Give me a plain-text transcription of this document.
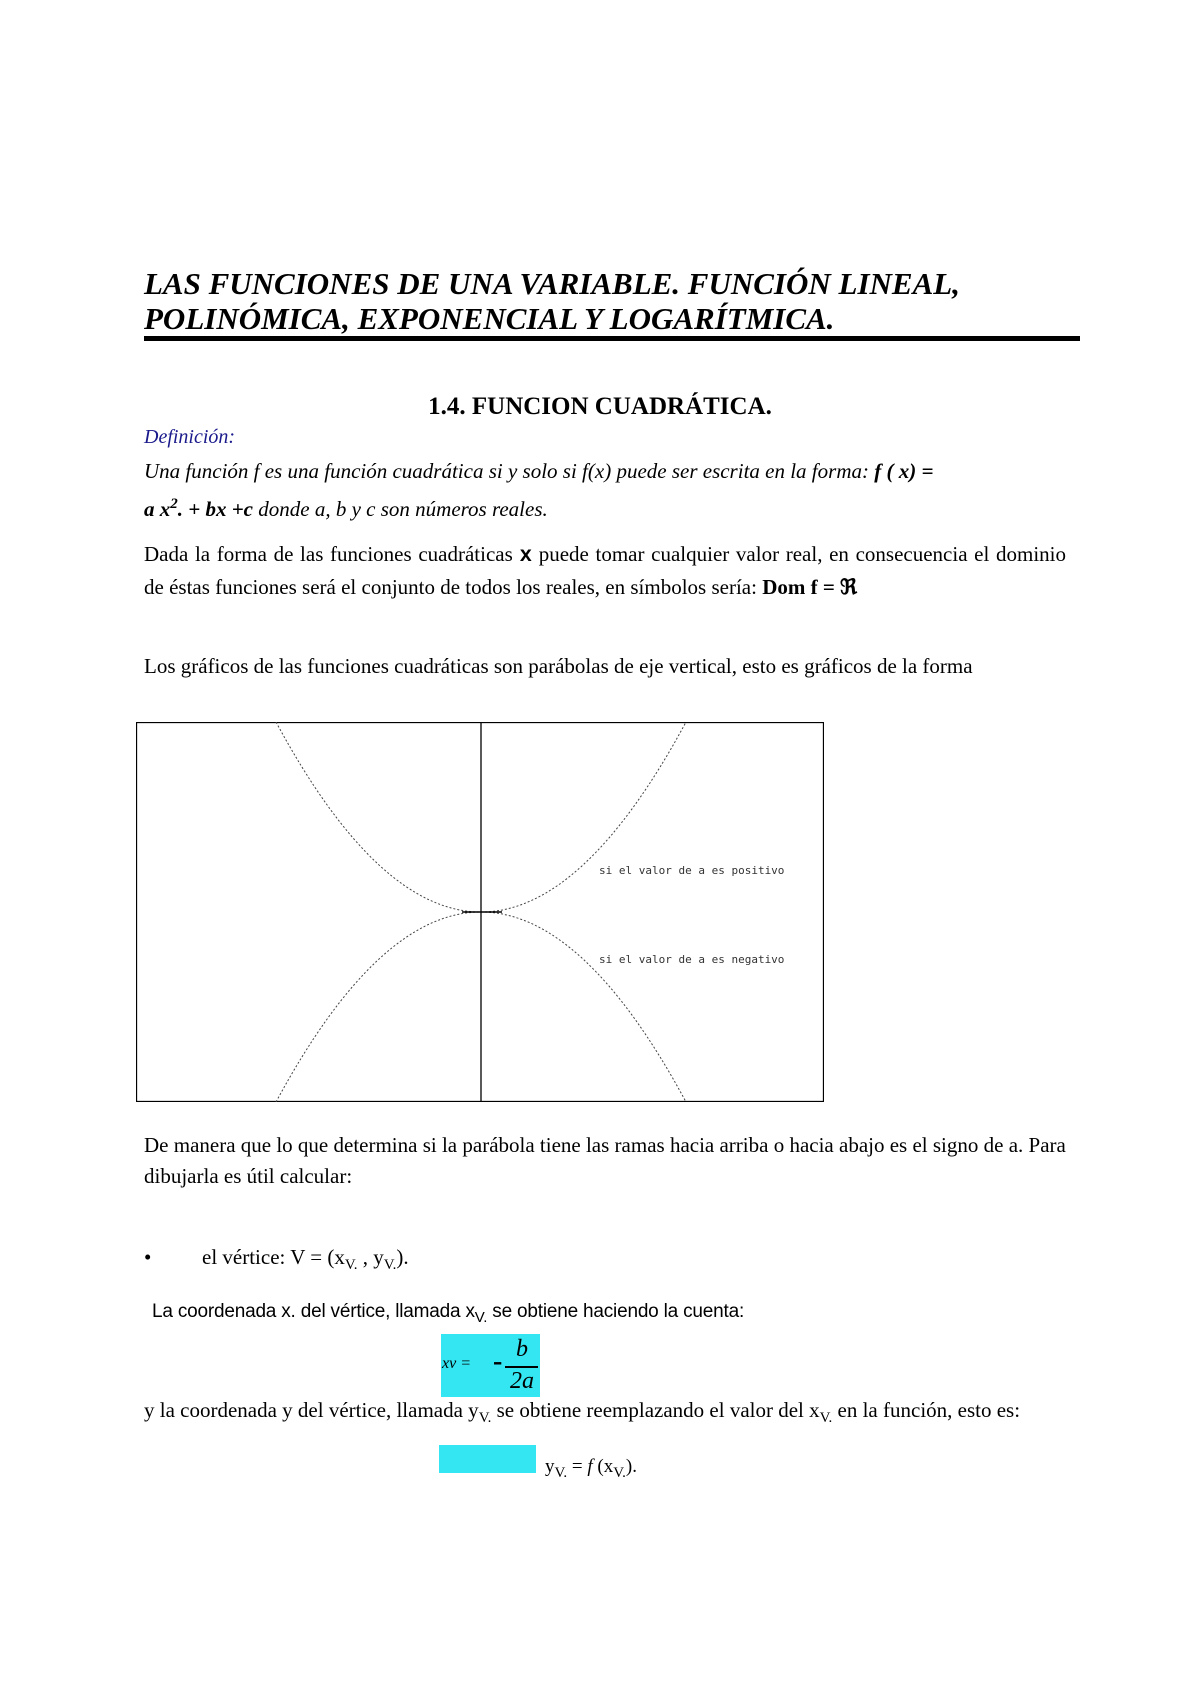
LAS FUNCIONES DE UNA VARIABLE. FUNCIÓN LINEAL,
POLINÓMICA, EXPONENCIAL Y LOGARÍTMICA.
1.4. FUNCION CUADRÁTICA.
Definición:
Una función f es una función cuadrática si y solo si f(x) puede ser escrita en la forma: f ( x) =
a $x^2$. + bx +c donde a, b y c son números reales.
Dada la forma de las funciones cuadráticas x puede tomar cualquier valor real, en consecuencia el dominio de éstas funciones será el conjunto de todos los reales, en símbolos sería: Dom f = ℜ
Los gráficos de las funciones cuadráticas son parábolas de eje vertical, esto es gráficos de la forma
si el valor de a es positivo
si el valor de a es negativo
De manera que lo que determina si la parábola tiene las ramas hacia arriba o hacia abajo es el signo de a. Para dibujarla es útil calcular:
• el vértice: $V = (x_{V.}$ , $y_{V.}$).
La coordenada x. del vértice, llamada $x_{V.}$ se obtiene haciendo la cuenta:
xv = - b
2a
y la coordenada y del vértice, llamada $y_{V.}$ se obtiene reemplazando el valor del $x_{V.}$ en la función, esto es:
$y_{V.} = f$ $(x_{V.})$.
